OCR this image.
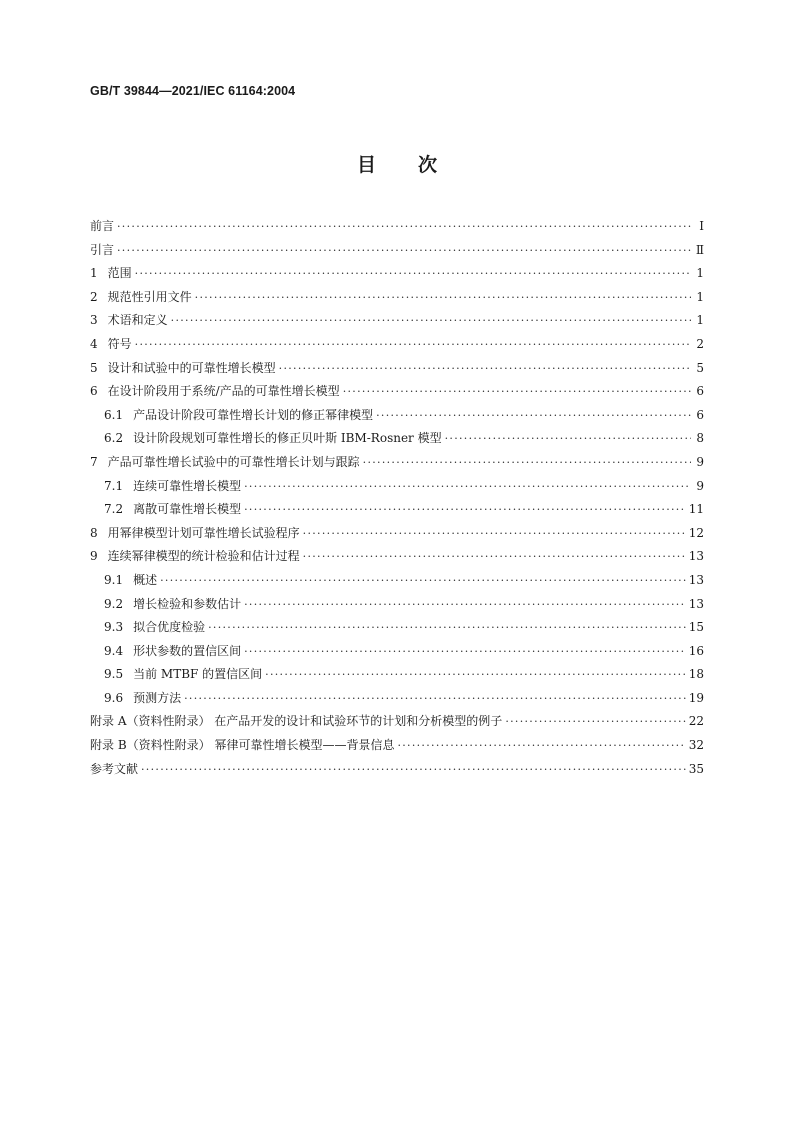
GB/T 39844—2021/IEC 61164:2004
目 次
前言 ·····	Ⅰ
引言 ·····	Ⅱ
1 范围 ·····	1
2 规范性引用文件 ·····	1
3 术语和定义 ·····	1
4 符号 ·····	2
5 设计和试验中的可靠性增长模型 ·····	5
6 在设计阶段用于系统/产品的可靠性增长模型 ·····	6
6.1 产品设计阶段可靠性增长计划的修正幂律模型 ·····	6
6.2 设计阶段规划可靠性增长的修正贝叶斯 IBM-Rosner 模型 ·····	8
7 产品可靠性增长试验中的可靠性增长计划与跟踪 ·····	9
7.1 连续可靠性增长模型 ·····	9
7.2 离散可靠性增长模型 ·····	11
8 用幂律模型计划可靠性增长试验程序 ·····	12
9 连续幂律模型的统计检验和估计过程 ·····	13
9.1 概述 ·····	13
9.2 增长检验和参数估计 ·····	13
9.3 拟合优度检验 ·····	15
9.4 形状参数的置信区间 ·····	16
9.5 当前 MTBF 的置信区间 ·····	18
9.6 预测方法 ·····	19
附录 A（资料性附录） 在产品开发的设计和试验环节的计划和分析模型的例子 ·····	22
附录 B（资料性附录） 幂律可靠性增长模型——背景信息 ·····	32
参考文献 ·····	35
